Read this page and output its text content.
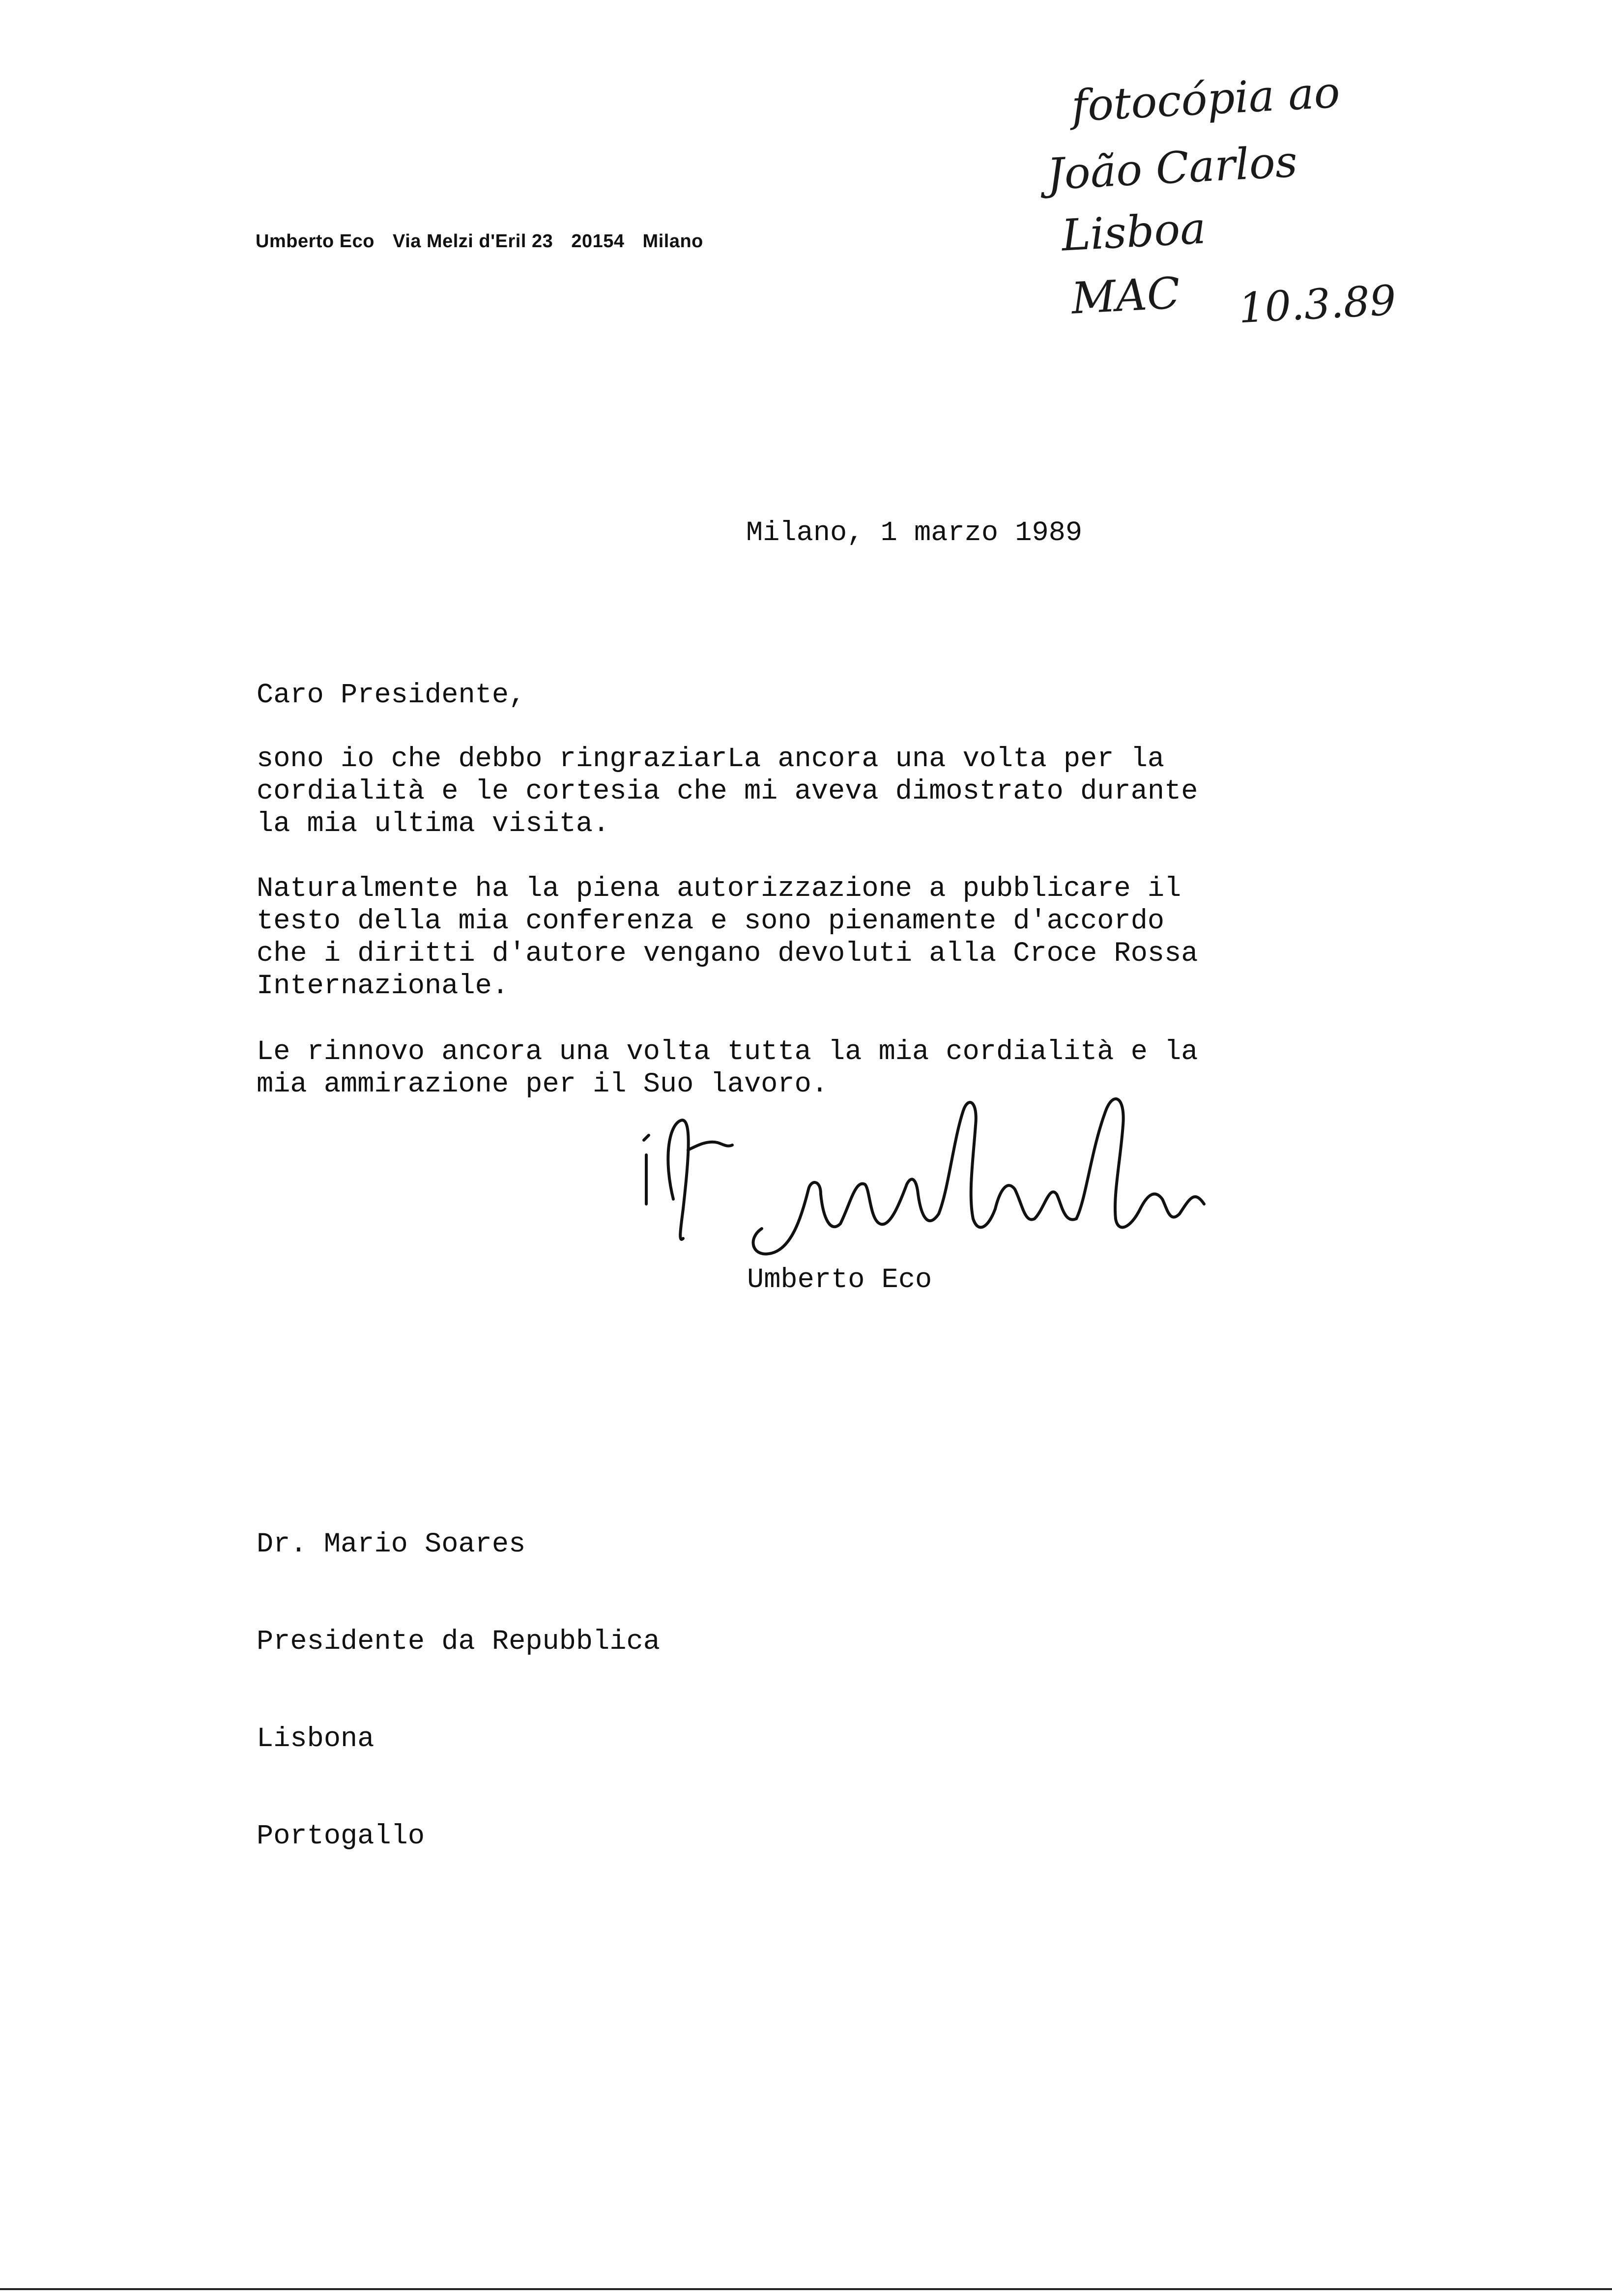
Umberto Eco Via Melzi d'Eril 23 20154 Milano
fotocópia ao
João Carlos
Lisboa
MAC 10.3.89
Milano, 1 marzo 1989
Caro Presidente,
sono io che debbo ringraziarLa ancora una volta per la
cordialità e le cortesia che mi aveva dimostrato durante
la mia ultima visita.
Naturalmente ha la piena autorizzazione a pubblicare il
testo della mia conferenza e sono pienamente d'accordo
che i diritti d'autore vengano devoluti alla Croce Rossa
Internazionale.
Le rinnovo ancora una volta tutta la mia cordialità e la
mia ammirazione per il Suo lavoro.
Umberto Eco

Dr. Mario Soares

Presidente da Repubblica

Lisbona

Portogallo
